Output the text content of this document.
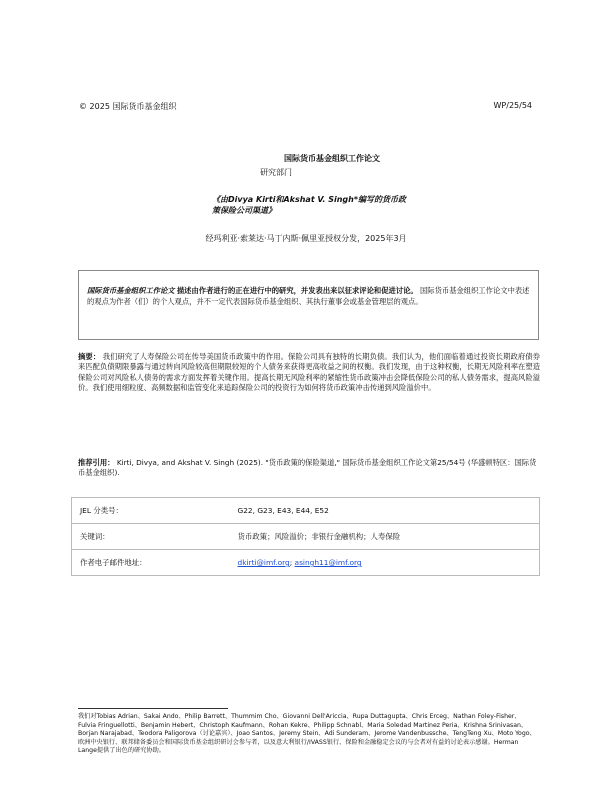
© 2025 国际货币基金组织	WP/25/54
国际货币基金组织工作论文
研究部门
《由Divya Kirti和Akshat V. Singh*编写的货币政策保险公司渠道》
经玛利亚·索莱达·马丁内斯·佩里亚授权分发，2025年3月
国际货币基金组织工作论文 描述由作者进行的正在进行中的研究，并发表出来以征求评论和促进讨论。 国际货币基金组织工作论文中表述的观点为作者（们）的个人观点，并不一定代表国际货币基金组织、其执行董事会或基金管理层的观点。
摘要： 我们研究了人寿保险公司在传导美国货币政策中的作用。保险公司具有独特的长期负债。我们认为，他们面临着通过投资长期政府债券来匹配负债期限暴露与通过转向风险较高但期限较短的个人债务来获得更高收益之间的权衡。我们发现，由于这种权衡，长期无风险利率在塑造保险公司对风险私人债务的需求方面发挥着关键作用。提高长期无风险利率的紧缩性货币政策冲击会降低保险公司的私人债务需求，提高风险溢价。我们使用细粒度、高频数据和监管变化来追踪保险公司的投资行为如何将货币政策冲击传递到风险溢价中。
推荐引用： Kirti, Divya, and Akshat V. Singh (2025). "货币政策的保险渠道," 国际货币基金组织工作论文第25/54号 (华盛顿特区：国际货币基金组织).
JEL 分类号：	G22, G23, E43, E44, E52
关键词：	货币政策；风险溢价；非银行金融机构；人寿保险
作者电子邮件地址：	dkirti@imf.org; asingh11@imf.org
我们对Tobias Adrian、Sakai Ando、Philip Barrett、Thummim Cho、Giovanni Dell'Ariccia、Rupa Duttagupta、Chris Erceg、Nathan Foley-Fisher、Fulvia Fringuellotti、Benjamin Hebert、Christoph Kaufmann、Rohan Kekre、Philipp Schnabl、Maria Soledad Martinez Peria、Krishna Srinivasan、Borjan Narajabad、Teodora Paligorova（讨论嘉宾）、Joao Santos、Jeremy Stein、Adi Sunderam、Jerome Vandenbussche、TengTeng Xu、Moto Yogo、欧洲中央银行、联邦储备委员会和国际货币基金组织研讨会参与者，以及意大利银行/IVASS银行、保险和金融稳定会议的与会者对有益的讨论表示感谢。Herman Lange提供了出色的研究协助。
